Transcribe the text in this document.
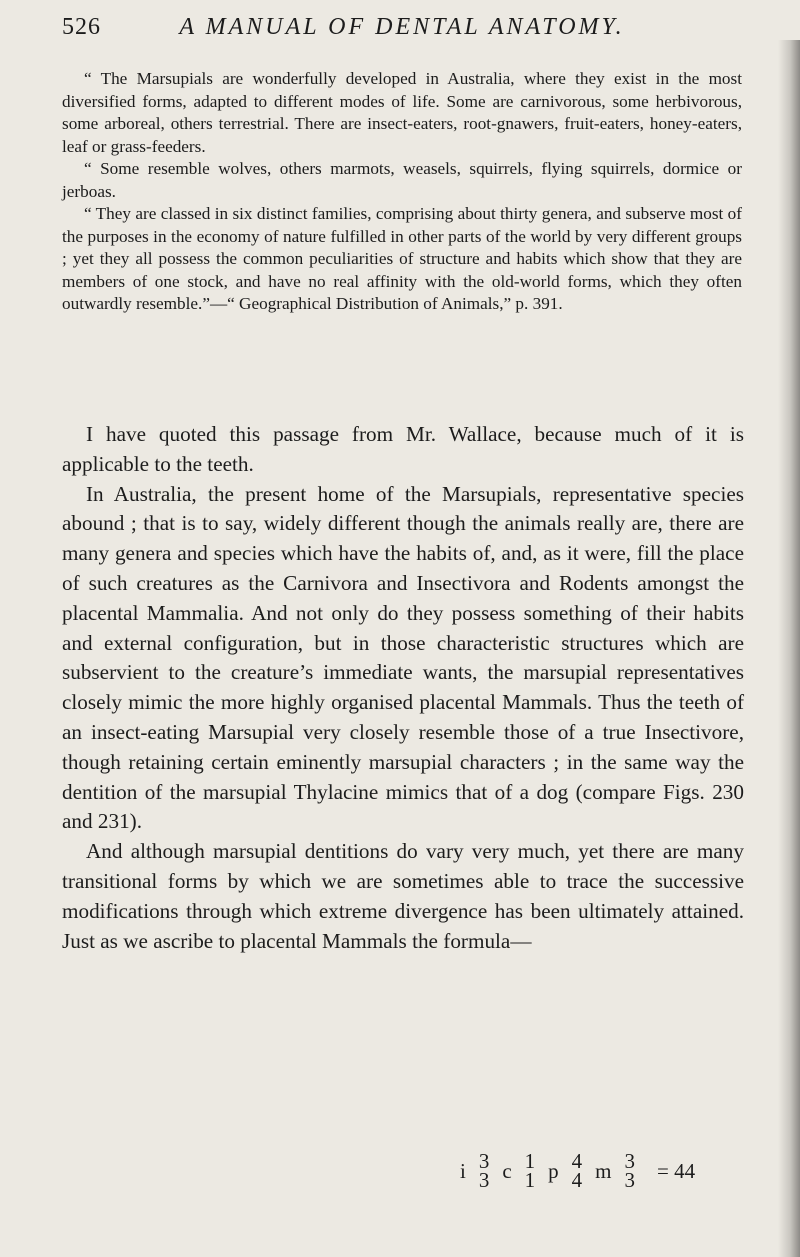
526	A MANUAL OF DENTAL ANATOMY.

“ The Marsupials are wonderfully developed in Australia, where they exist in the most diversified forms, adapted to different modes of life. Some are carnivorous, some herbivorous, some arboreal, others terrestrial. There are insect-eaters, root-gnawers, fruit-eaters, honey-eaters, leaf or grass-feeders.

“ Some resemble wolves, others marmots, weasels, squirrels, flying squirrels, dormice or jerboas.

“ They are classed in six distinct families, comprising about thirty genera, and subserve most of the purposes in the economy of nature fulfilled in other parts of the world by very different groups ; yet they all possess the common peculiarities of structure and habits which show that they are members of one stock, and have no real affinity with the old-world forms, which they often outwardly resemble.”—“ Geographical Distribution of Animals,” p. 391.

I have quoted this passage from Mr. Wallace, because much of it is applicable to the teeth.

In Australia, the present home of the Marsupials, representative species abound ; that is to say, widely different though the animals really are, there are many genera and species which have the habits of, and, as it were, fill the place of such creatures as the Carnivora and Insectivora and Rodents amongst the placental Mammalia. And not only do they possess something of their habits and external configuration, but in those characteristic structures which are subservient to the creature’s immediate wants, the marsupial representatives closely mimic the more highly organised placental Mammals. Thus the teeth of an insect-eating Marsupial very closely resemble those of a true Insectivore, though retaining certain eminently marsupial characters ; in the same way the dentition of the marsupial Thylacine mimics that of a dog (compare Figs. 230 and 231).

And although marsupial dentitions do vary very much, yet there are many transitional forms by which we are sometimes able to trace the successive modifications through which extreme divergence has been ultimately attained. Just as we ascribe to placental Mammals the formula—

i 3
3 c 1
1 p 4
4 m 3
3 = 44
